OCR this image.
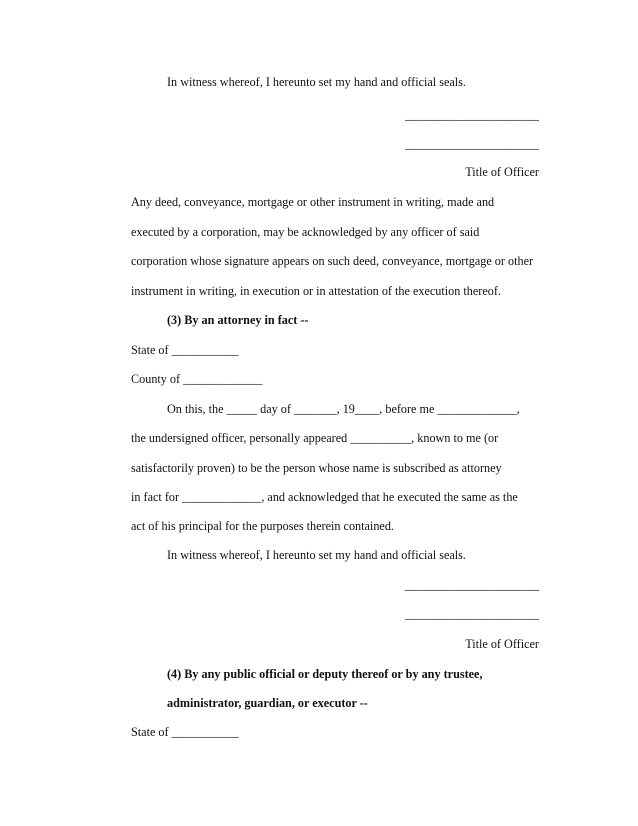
In witness whereof, I hereunto set my hand and official seals.
______________________
______________________
Title of Officer
Any deed, conveyance, mortgage or other instrument in writing, made and
executed by a corporation, may be acknowledged by any officer of said
corporation whose signature appears on such deed, conveyance, mortgage or other
instrument in writing, in execution or in attestation of the execution thereof.
(3) By an attorney in fact --
State of ___________
County of _____________
On this, the _____ day of _______, 19____, before me _____________,
the undersigned officer, personally appeared __________, known to me (or
satisfactorily proven) to be the person whose name is subscribed as attorney
in fact for _____________, and acknowledged that he executed the same as the
act of his principal for the purposes therein contained.
In witness whereof, I hereunto set my hand and official seals.
______________________
______________________
Title of Officer
(4) By any public official or deputy thereof or by any trustee,
administrator, guardian, or executor --
State of ___________
